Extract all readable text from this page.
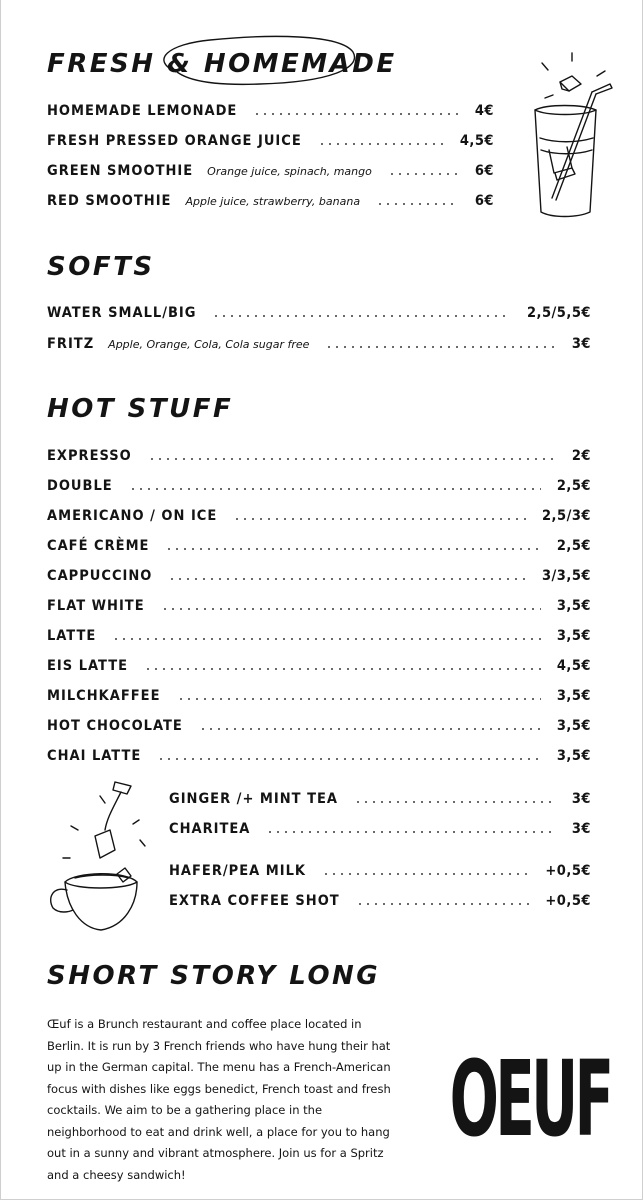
FRESH & HOMEMADE
HOMEMADE LEMONADE	4€
FRESH PRESSED ORANGE JUICE	4,5€
GREEN SMOOTHIE Orange juice, spinach, mango	6€
RED SMOOTHIE Apple juice, strawberry, banana	6€
SOFTS
WATER SMALL/BIG	2,5/5,5€
FRITZ Apple, Orange, Cola, Cola sugar free	3€
HOT STUFF
EXPRESSO	2€
DOUBLE	2,5€
AMERICANO / ON ICE	2,5/3€
CAFÉ CRÈME	2,5€
CAPPUCCINO	3/3,5€
FLAT WHITE	3,5€
LATTE	3,5€
EIS LATTE	4,5€
MILCHKAFFEE	3,5€
HOT CHOCOLATE	3,5€
CHAI LATTE	3,5€
GINGER /+ MINT TEA	3€
CHARITEA	3€
HAFER/PEA MILK	+0,5€
EXTRA COFFEE SHOT	+0,5€
SHORT STORY LONG

Œuf is a Brunch restaurant and coffee place located in Berlin. It is run by 3 French friends who have hung their hat up in the German capital. The menu has a French-American focus with dishes like eggs benedict, French toast and fresh cocktails. We aim to be a gathering place in the neighborhood to eat and drink well, a place for you to hang out in a sunny and vibrant atmosphere. Join us for a Spritz and a cheesy sandwich!

OEUF
